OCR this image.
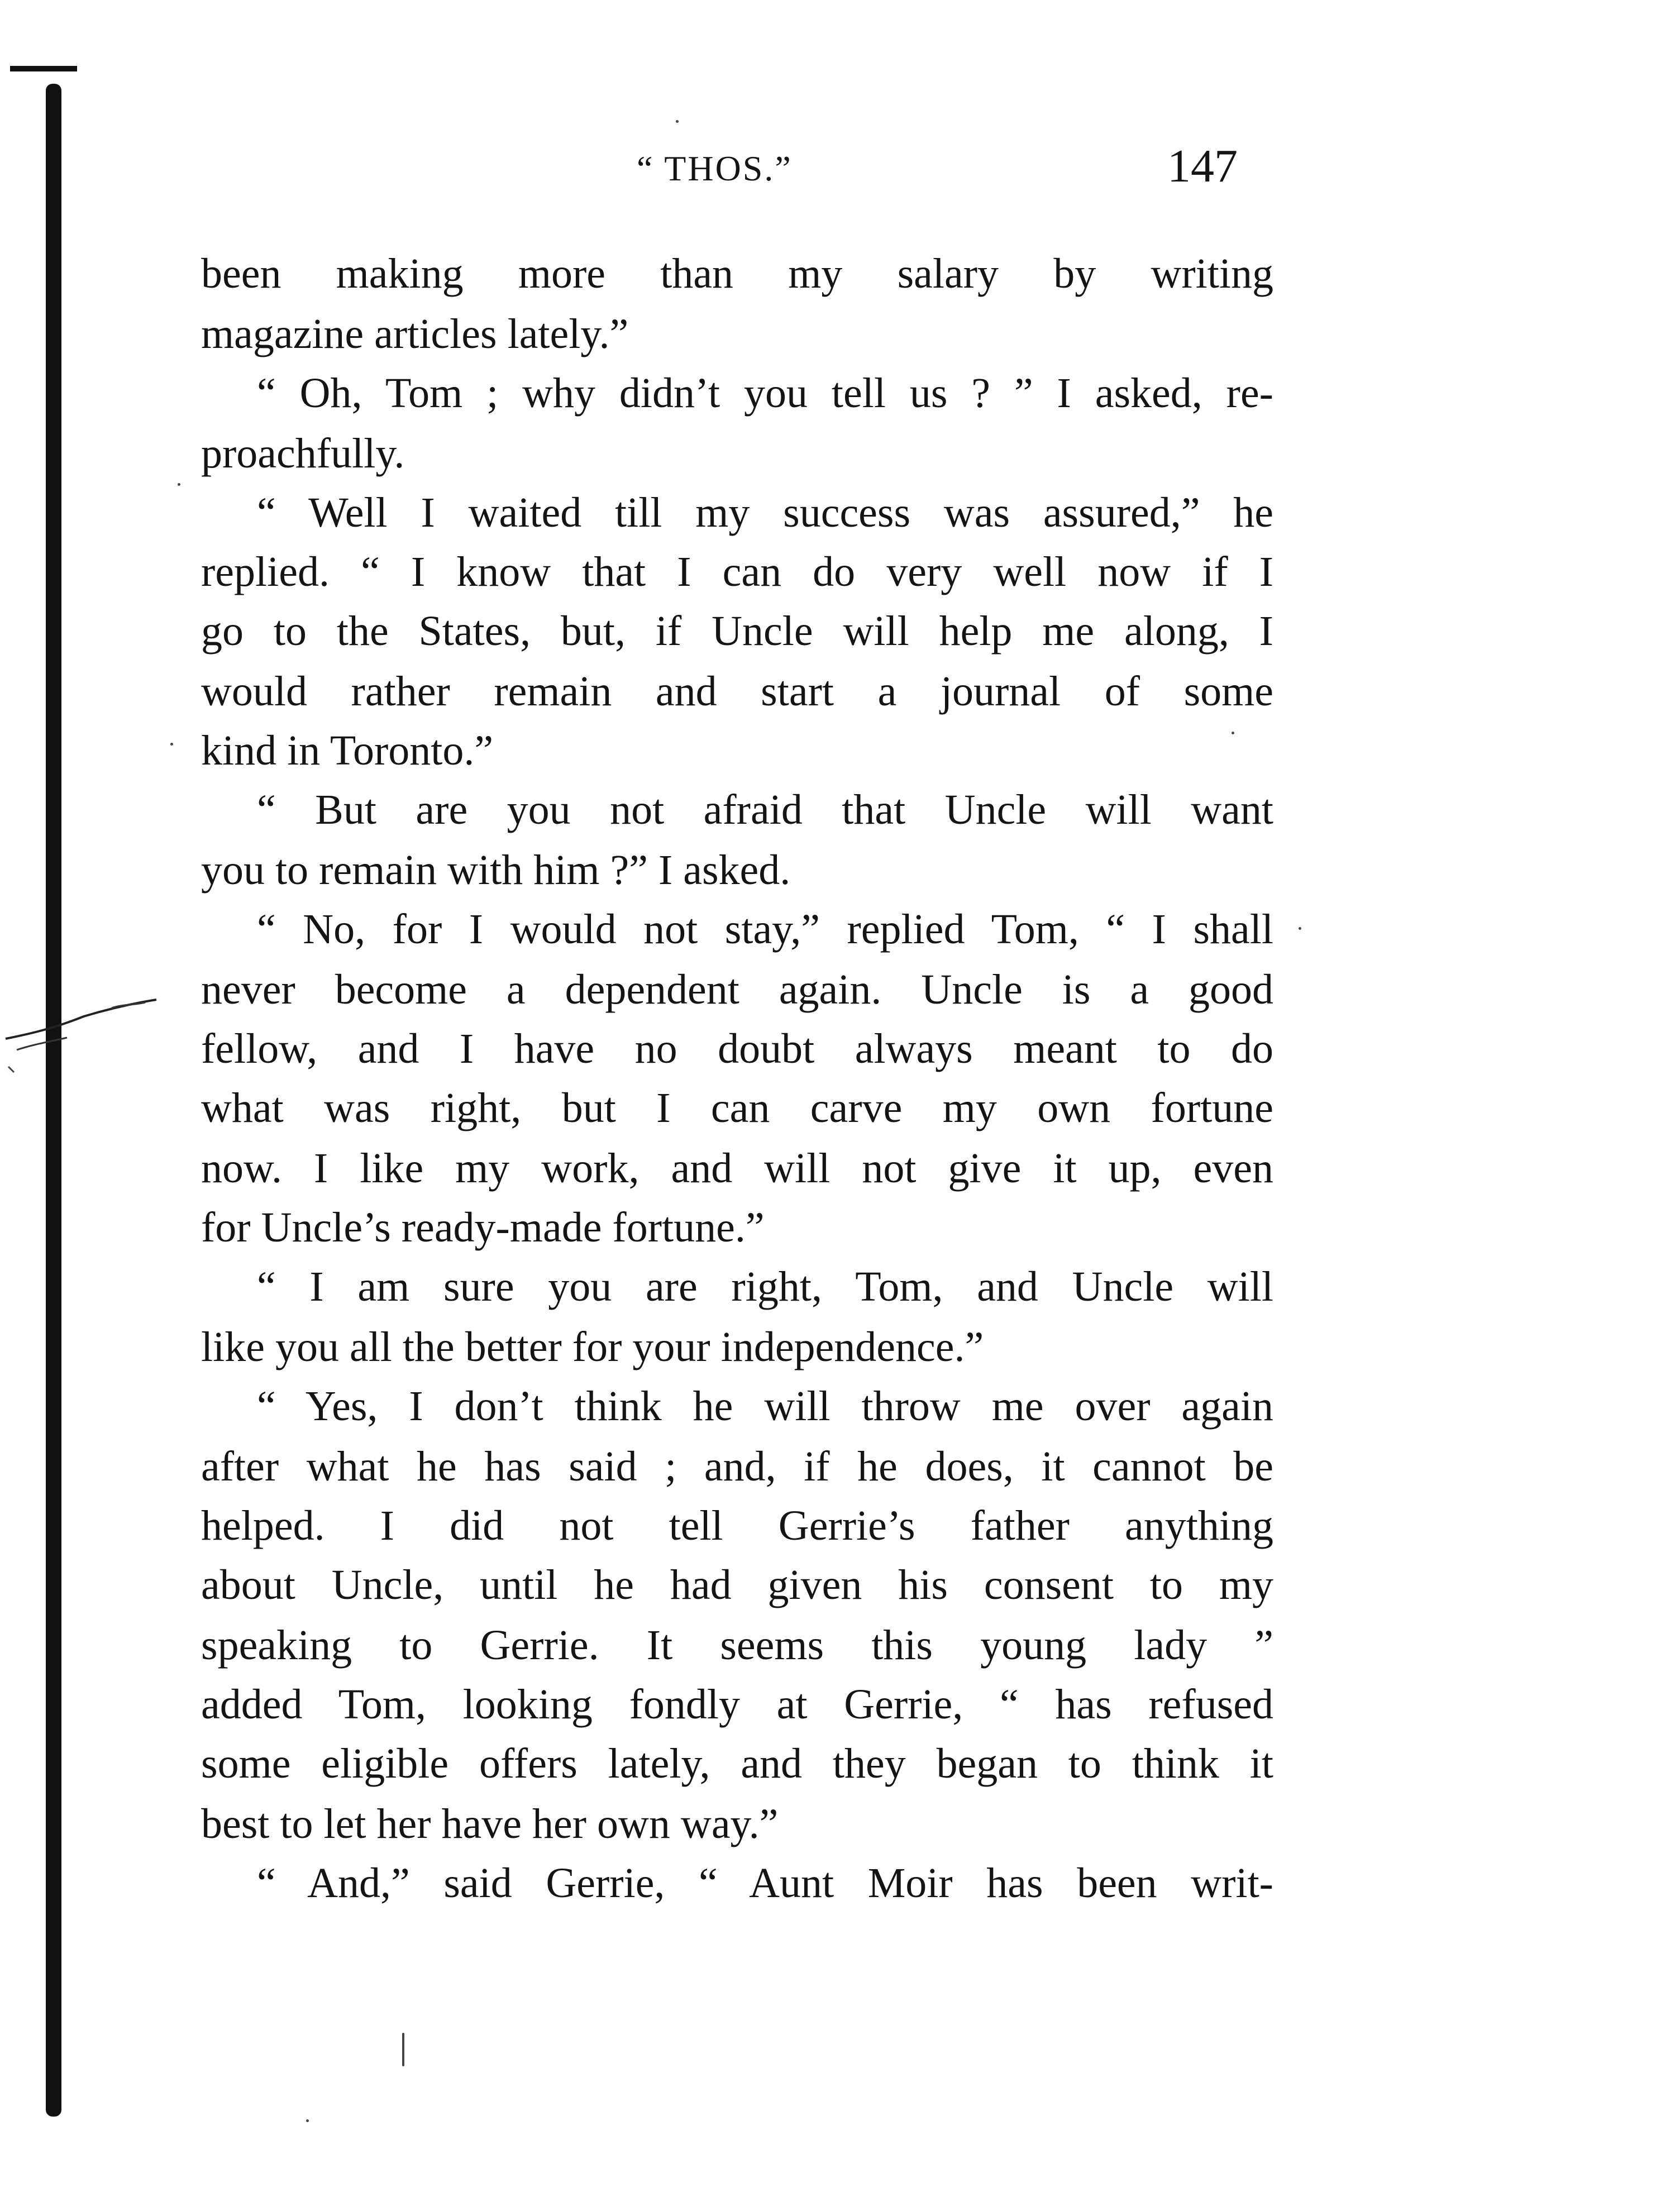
“ THOS.”	147
been making more than my salary by writing
magazine articles lately.”
“ Oh, Tom ; why didn’t you tell us ? ” I asked, re-
proachfully.
“ Well I waited till my success was assured,” he
replied. “ I know that I can do very well now if I
go to the States, but, if Uncle will help me along, I
would rather remain and start a journal of some
kind in Toronto.”
“ But are you not afraid that Uncle will want
you to remain with him ?” I asked.
“ No, for I would not stay,” replied Tom, “ I shall
never become a dependent again. Uncle is a good
fellow, and I have no doubt always meant to do
what was right, but I can carve my own fortune
now. I like my work, and will not give it up, even
for Uncle’s ready-made fortune.”
“ I am sure you are right, Tom, and Uncle will
like you all the better for your independence.”
“ Yes, I don’t think he will throw me over again
after what he has said ; and, if he does, it cannot be
helped. I did not tell Gerrie’s father anything
about Uncle, until he had given his consent to my
speaking to Gerrie. It seems this young lady ”
added Tom, looking fondly at Gerrie, “ has refused
some eligible offers lately, and they began to think it
best to let her have her own way.”
“ And,” said Gerrie, “ Aunt Moir has been writ-
